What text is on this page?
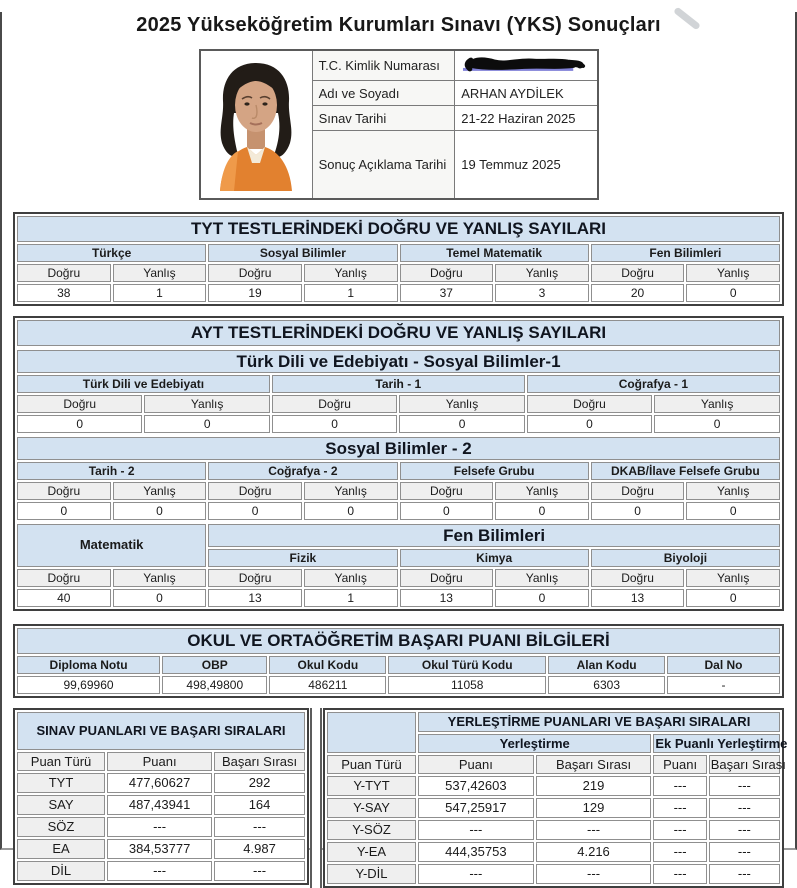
2025 Yükseköğretim Kurumları Sınavı (YKS) Sonuçları
	T.C. Kimlik Numarası	
	Adı ve Soyadı	ARHAN AYDİLEK
	Sınav Tarihi	21-22 Haziran 2025
	Sonuç Açıklama Tarihi	19 Temmuz 2025
TYT TESTLERİNDEKİ DOĞRU VE YANLIŞ SAYILARI							
Türkçe		Sosyal Bilimler		Temel Matematik		Fen Bilimleri	
Doğru	Yanlış	Doğru	Yanlış	Doğru	Yanlış	Doğru	Yanlış
38	1	19	1	37	3	20	0
AYT TESTLERİNDEKİ DOĞRU VE YANLIŞ SAYILARI
Türk Dili ve Edebiyatı - Sosyal Bilimler-1					
Türk Dili ve Edebiyatı		Tarih - 1		Coğrafya - 1	
Doğru	Yanlış	Doğru	Yanlış	Doğru	Yanlış
0	0	0	0	0	0
Sosyal Bilimler - 2							
Tarih - 2		Coğrafya - 2		Felsefe Grubu		DKAB/İlave Felsefe Grubu	
Doğru	Yanlış	Doğru	Yanlış	Doğru	Yanlış	Doğru	Yanlış
0	0	0	0	0	0	0	0
Matematik		Fen Bilimleri					
		Fizik		Kimya		Biyoloji	
Doğru	Yanlış	Doğru	Yanlış	Doğru	Yanlış	Doğru	Yanlış
40	0	13	1	13	0	13	0
OKUL VE ORTAÖĞRETİM BAŞARI PUANI BİLGİLERİ					
Diploma Notu	OBP	Okul Kodu	Okul Türü Kodu	Alan Kodu	Dal No
99,69960	498,49800	486211	11058	6303	-
SINAV PUANLARI VE BAŞARI SIRALARI		
Puan Türü	Puanı	Başarı Sırası
TYT	477,60627	292
SAY	487,43941	164
SÖZ	---	---
EA	384,53777	4.987
DİL	---	---
	YERLEŞTİRME PUANLARI VE BAŞARI SIRALARI			
	Yerleştirme		Ek Puanlı Yerleştirme	
Puan Türü	Puanı	Başarı Sırası	Puanı	Başarı Sırası
Y-TYT	537,42603	219	---	---
Y-SAY	547,25917	129	---	---
Y-SÖZ	---	---	---	---
Y-EA	444,35753	4.216	---	---
Y-DİL	---	---	---	---
